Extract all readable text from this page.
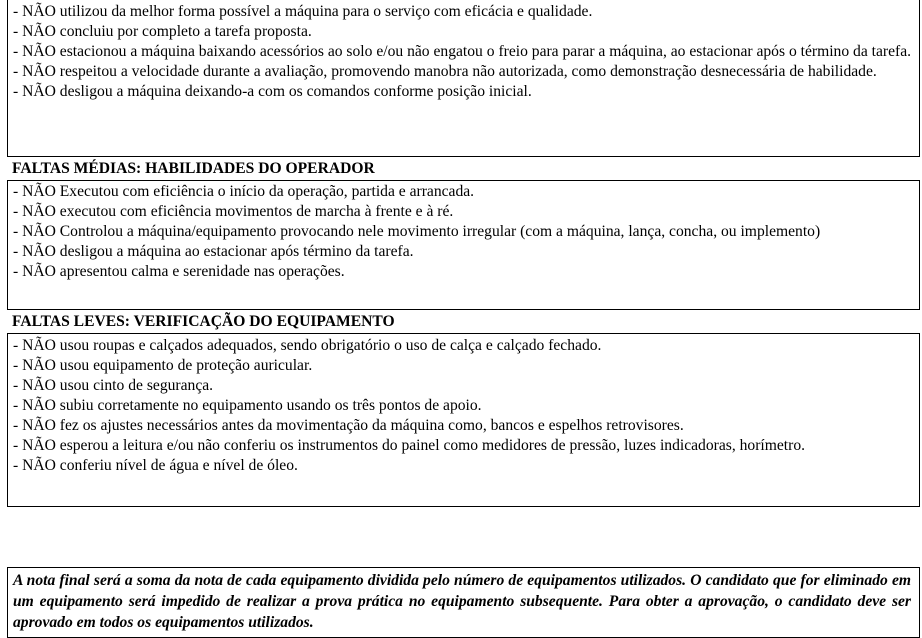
- NÃO utilizou da melhor forma possível a máquina para o serviço com eficácia e qualidade.

- NÃO concluiu por completo a tarefa proposta.

- NÃO estacionou a máquina baixando acessórios ao solo e/ou não engatou o freio para parar a máquina, ao estacionar após o término da tarefa.

- NÃO respeitou a velocidade durante a avaliação, promovendo manobra não autorizada, como demonstração desnecessária de habilidade.

- NÃO desligou a máquina deixando-a com os comandos conforme posição inicial.

FALTAS MÉDIAS: HABILIDADES DO OPERADOR

- NÃO Executou com eficiência o início da operação, partida e arrancada.

- NÃO executou com eficiência movimentos de marcha à frente e à ré.

- NÃO Controlou a máquina/equipamento provocando nele movimento irregular (com a máquina, lança, concha, ou implemento)

- NÃO desligou a máquina ao estacionar após término da tarefa.

- NÃO apresentou calma e serenidade nas operações.

FALTAS LEVES: VERIFICAÇÃO DO EQUIPAMENTO

- NÃO usou roupas e calçados adequados, sendo obrigatório o uso de calça e calçado fechado.

- NÃO usou equipamento de proteção auricular.

- NÃO usou cinto de segurança.

- NÃO subiu corretamente no equipamento usando os três pontos de apoio.

- NÃO fez os ajustes necessários antes da movimentação da máquina como, bancos e espelhos retrovisores.

- NÃO esperou a leitura e/ou não conferiu os instrumentos do painel como medidores de pressão, luzes indicadoras, horímetro.

- NÃO conferiu nível de água e nível de óleo.

A nota final será a soma da nota de cada equipamento dividida pelo número de equipamentos utilizados. O candidato que for eliminado em um equipamento será impedido de realizar a prova prática no equipamento subsequente. Para obter a aprovação, o candidato deve ser aprovado em todos os equipamentos utilizados.
